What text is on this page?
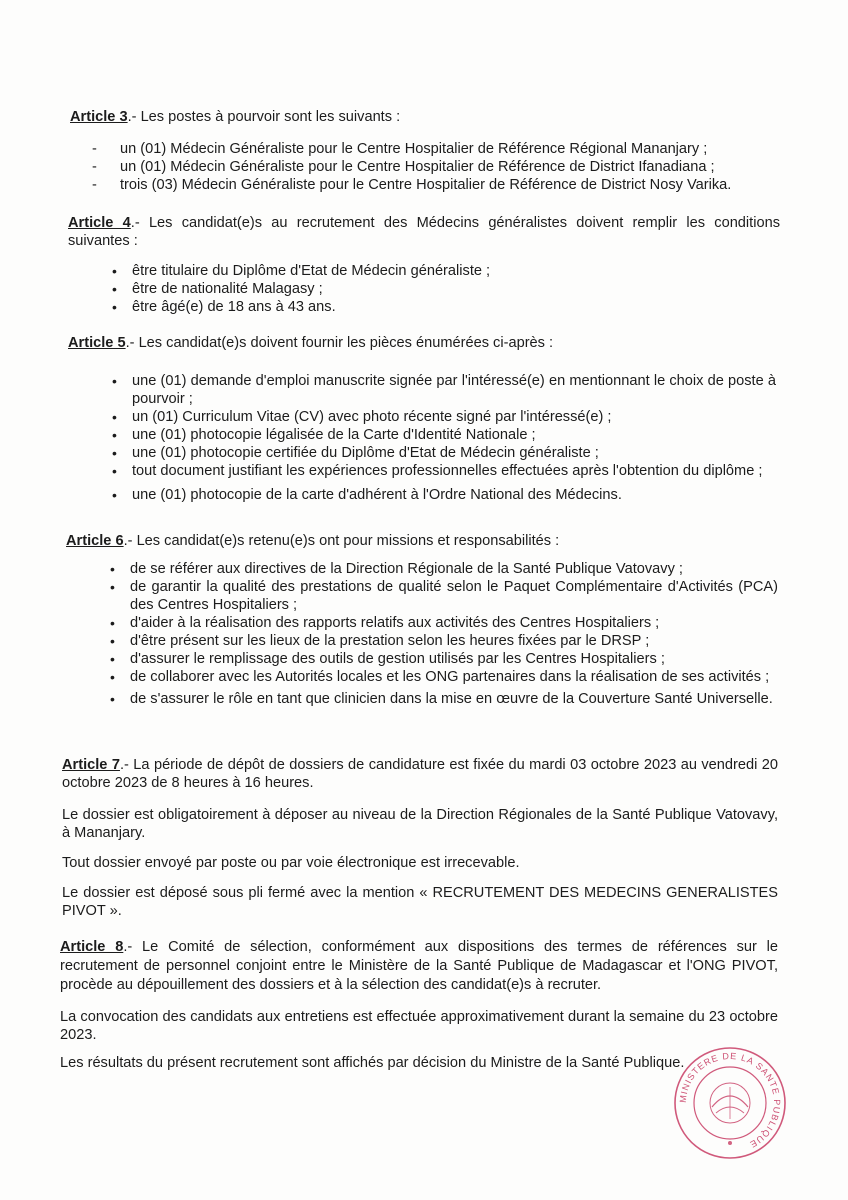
Article 3.- Les postes à pourvoir sont les suivants :
- un (01) Médecin Généraliste pour le Centre Hospitalier de Référence Régional Mananjary ;
- un (01) Médecin Généraliste pour le Centre Hospitalier de Référence de District Ifanadiana ;
- trois (03) Médecin Généraliste pour le Centre Hospitalier de Référence de District Nosy Varika.
Article 4.- Les candidat(e)s au recrutement des Médecins généralistes doivent remplir les conditions suivantes :
• être titulaire du Diplôme d'Etat de Médecin généraliste ;
• être de nationalité Malagasy ;
• être âgé(e) de 18 ans à 43 ans.
Article 5.- Les candidat(e)s doivent fournir les pièces énumérées ci-après :
• une (01) demande d'emploi manuscrite signée par l'intéressé(e) en mentionnant le choix de poste à pourvoir ;
• un (01) Curriculum Vitae (CV) avec photo récente signé par l'intéressé(e) ;
• une (01) photocopie légalisée de la Carte d'Identité Nationale ;
• une (01) photocopie certifiée du Diplôme d'Etat de Médecin généraliste ;
• tout document justifiant les expériences professionnelles effectuées après l'obtention du diplôme ;
• une (01) photocopie de la carte d'adhérent à l'Ordre National des Médecins.
Article 6.- Les candidat(e)s retenu(e)s ont pour missions et responsabilités :
• de se référer aux directives de la Direction Régionale de la Santé Publique Vatovavy ;
• de garantir la qualité des prestations de qualité selon le Paquet Complémentaire d'Activités (PCA) des Centres Hospitaliers ;
• d'aider à la réalisation des rapports relatifs aux activités des Centres Hospitaliers ;
• d'être présent sur les lieux de la prestation selon les heures fixées par le DRSP ;
• d'assurer le remplissage des outils de gestion utilisés par les Centres Hospitaliers ;
• de collaborer avec les Autorités locales et les ONG partenaires dans la réalisation de ses activités ;
• de s'assurer le rôle en tant que clinicien dans la mise en œuvre de la Couverture Santé Universelle.
Article 7.- La période de dépôt de dossiers de candidature est fixée du mardi 03 octobre 2023 au vendredi 20 octobre 2023 de 8 heures à 16 heures.
Le dossier est obligatoirement à déposer au niveau de la Direction Régionales de la Santé Publique Vatovavy, à Mananjary.
Tout dossier envoyé par poste ou par voie électronique est irrecevable.
Le dossier est déposé sous pli fermé avec la mention « RECRUTEMENT DES MEDECINS GENERALISTES PIVOT ».
Article 8.- Le Comité de sélection, conformément aux dispositions des termes de références sur le recrutement de personnel conjoint entre le Ministère de la Santé Publique de Madagascar et l'ONG PIVOT, procède au dépouillement des dossiers et à la sélection des candidat(e)s à recruter.
La convocation des candidats aux entretiens est effectuée approximativement durant la semaine du 23 octobre 2023.
Les résultats du présent recrutement sont affichés par décision du Ministre de la Santé Publique.
MINISTERE DE LA SANTE PUBLIQUE
